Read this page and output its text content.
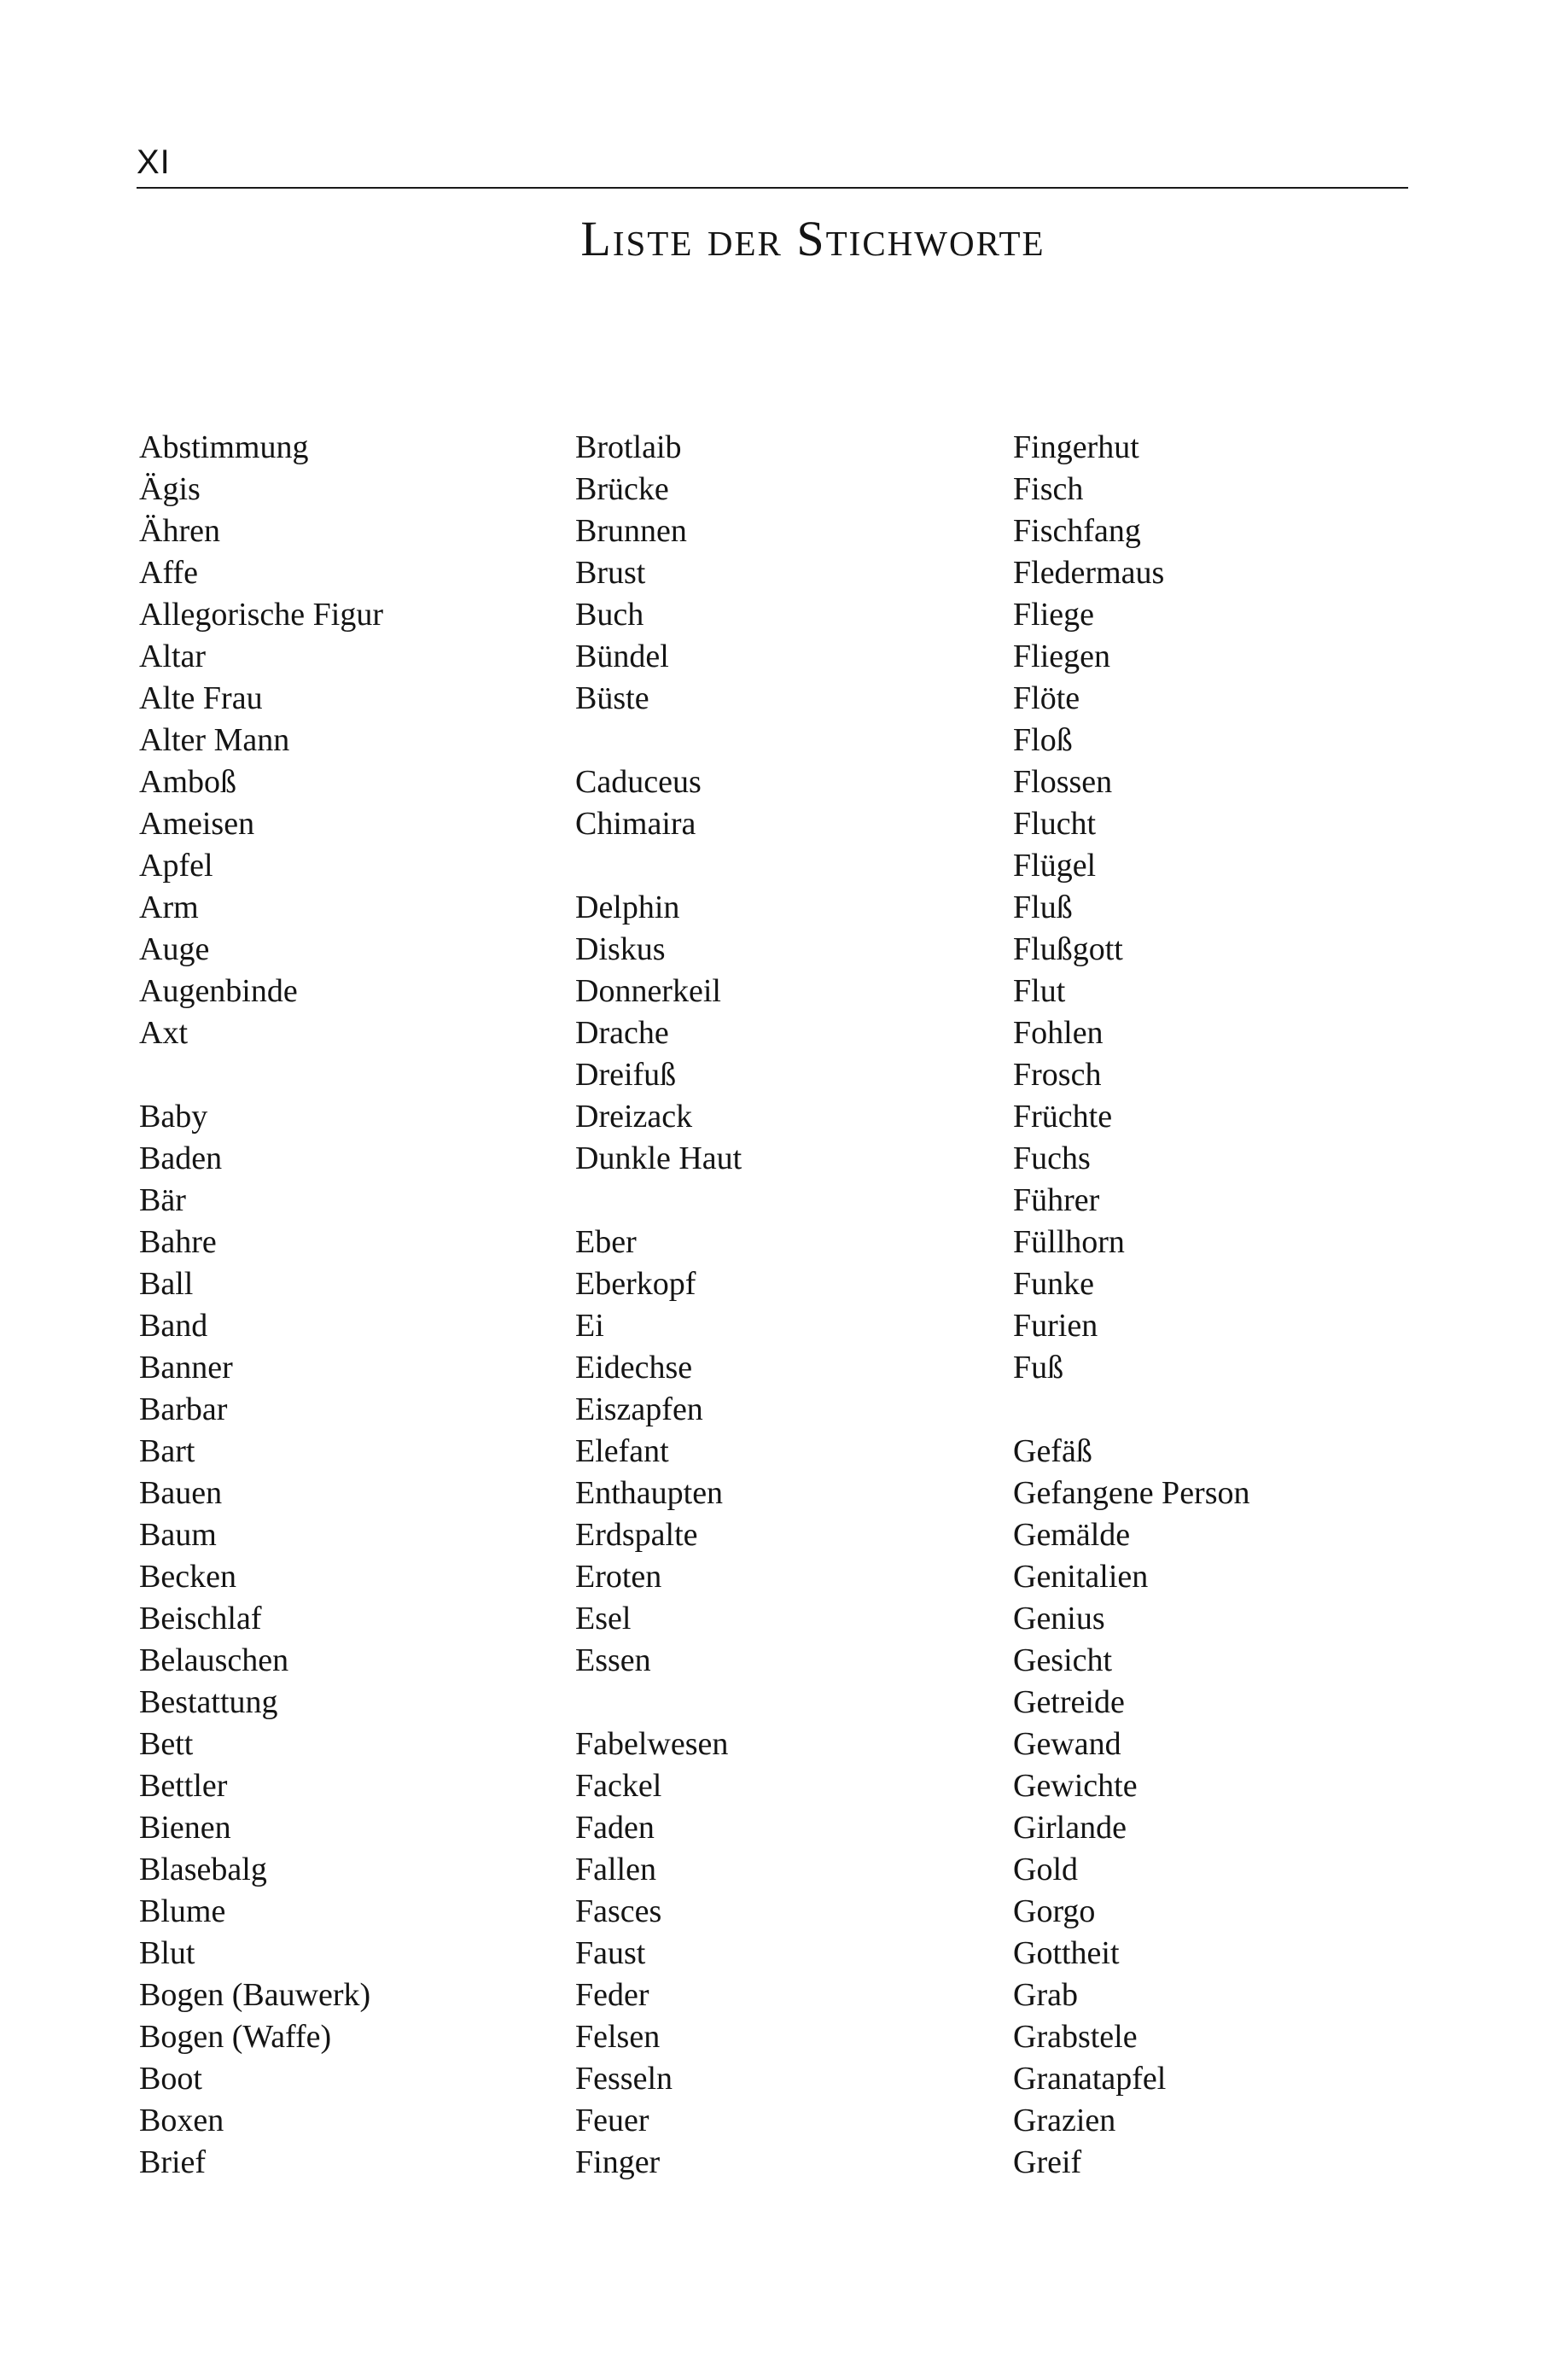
XI
Liste der Stichworte
Abstimmung
Ägis
Ähren
Affe
Allegorische Figur
Altar
Alte Frau
Alter Mann
Amboß
Ameisen
Apfel
Arm
Auge
Augenbinde
Axt
Baby
Baden
Bär
Bahre
Ball
Band
Banner
Barbar
Bart
Bauen
Baum
Becken
Beischlaf
Belauschen
Bestattung
Bett
Bettler
Bienen
Blasebalg
Blume
Blut
Bogen (Bauwerk)
Bogen (Waffe)
Boot
Boxen
Brief
Brotlaib
Brücke
Brunnen
Brust
Buch
Bündel
Büste
Caduceus
Chimaira
Delphin
Diskus
Donnerkeil
Drache
Dreifuß
Dreizack
Dunkle Haut
Eber
Eberkopf
Ei
Eidechse
Eiszapfen
Elefant
Enthaupten
Erdspalte
Eroten
Esel
Essen
Fabelwesen
Fackel
Faden
Fallen
Fasces
Faust
Feder
Felsen
Fesseln
Feuer
Finger
Fingerhut
Fisch
Fischfang
Fledermaus
Fliege
Fliegen
Flöte
Floß
Flossen
Flucht
Flügel
Fluß
Flußgott
Flut
Fohlen
Frosch
Früchte
Fuchs
Führer
Füllhorn
Funke
Furien
Fuß
Gefäß
Gefangene Person
Gemälde
Genitalien
Genius
Gesicht
Getreide
Gewand
Gewichte
Girlande
Gold
Gorgo
Gottheit
Grab
Grabstele
Granatapfel
Grazien
Greif
